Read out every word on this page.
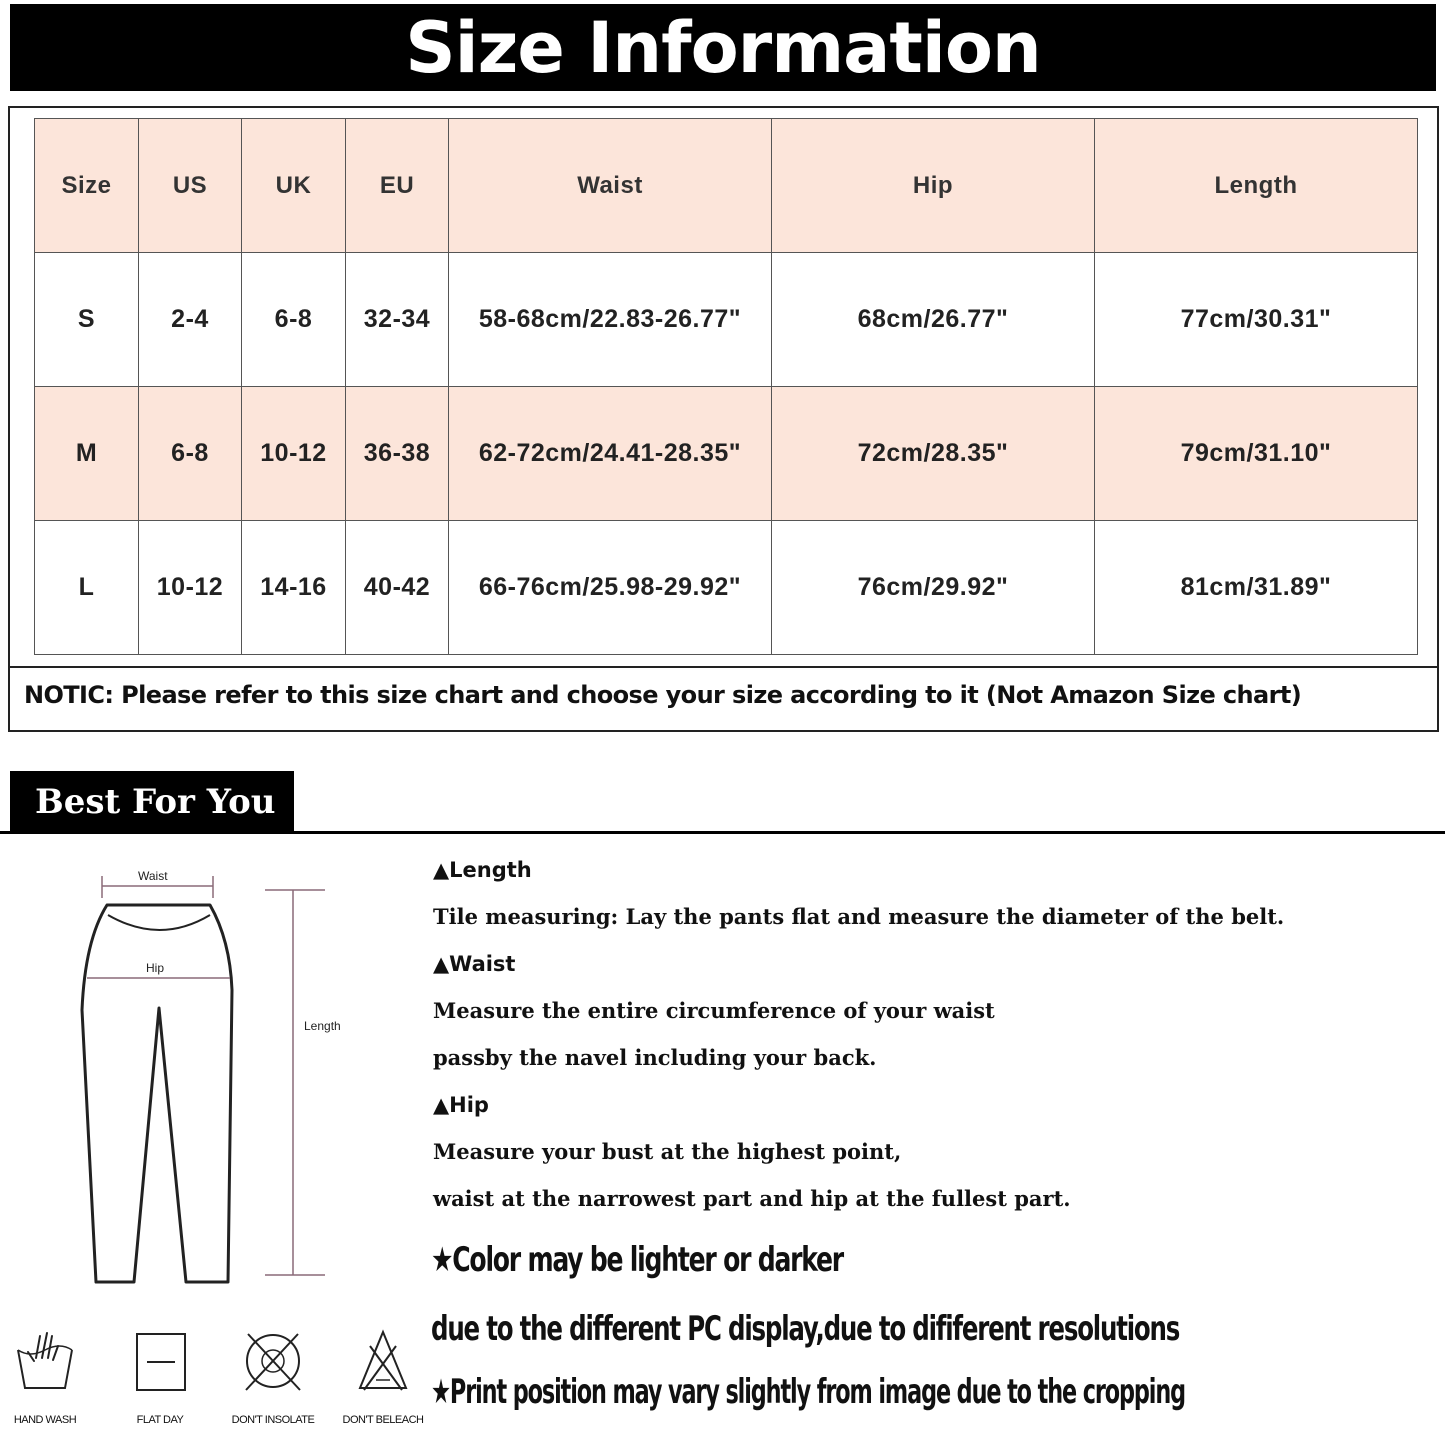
Size Information
Size	US	UK	EU	Waist	Hip	Length
S	2-4	6-8	32-34	58-68cm/22.83-26.77"	68cm/26.77"	77cm/30.31"
M	6-8	10-12	36-38	62-72cm/24.41-28.35"	72cm/28.35"	79cm/31.10"
L	10-12	14-16	40-42	66-76cm/25.98-29.92"	76cm/29.92"	81cm/31.89"
NOTIC: Please refer to this size chart and choose your size according to it (Not Amazon Size chart)
Best For You
Waist
Hip
Length
▲Length
Tile measuring: Lay the pants flat and measure the diameter of the belt.
▲Waist
Measure the entire circumference of your waist
passby the navel including your back.
▲Hip
Measure your bust at the highest point,
waist at the narrowest part and hip at the fullest part.
★Color may be lighter or darker
due to the different PC display,due to dififerent resolutions
★Print position may vary slightly from image due to the cropping
HAND WASH	FLAT DAY	DON'T INSOLATE	DON'T BELEACH
